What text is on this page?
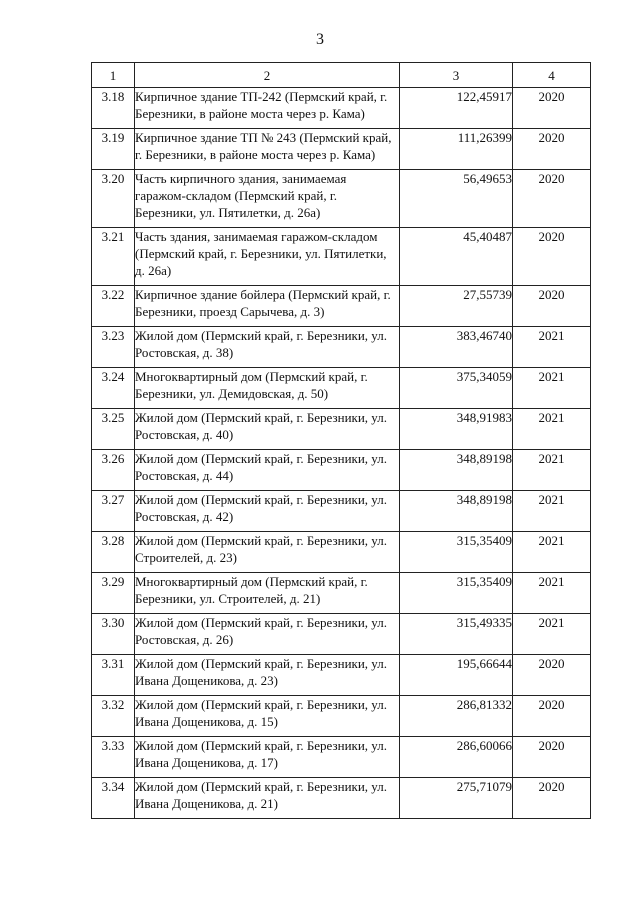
3
1	2	3	4
3.18	Кирпичное здание ТП-242 (Пермский край, г. Березники, в районе моста через р. Кама)	122,45917	2020
3.19	Кирпичное здание ТП № 243 (Пермский край, г. Березники, в районе моста через р. Кама)	111,26399	2020
3.20	Часть кирпичного здания, занимаемая гаражом-складом (Пермский край, г. Березники, ул. Пятилетки, д. 26а)	56,49653	2020
3.21	Часть здания, занимаемая гаражом-складом (Пермский край, г. Березники, ул. Пятилетки, д. 26а)	45,40487	2020
3.22	Кирпичное здание бойлера (Пермский край, г. Березники, проезд Сарычева, д. 3)	27,55739	2020
3.23	Жилой дом (Пермский край, г. Березники, ул. Ростовская, д. 38)	383,46740	2021
3.24	Многоквартирный дом (Пермский край, г. Березники, ул. Демидовская, д. 50)	375,34059	2021
3.25	Жилой дом (Пермский край, г. Березники, ул. Ростовская, д. 40)	348,91983	2021
3.26	Жилой дом (Пермский край, г. Березники, ул. Ростовская, д. 44)	348,89198	2021
3.27	Жилой дом (Пермский край, г. Березники, ул. Ростовская, д. 42)	348,89198	2021
3.28	Жилой дом (Пермский край, г. Березники, ул. Строителей, д. 23)	315,35409	2021
3.29	Многоквартирный дом (Пермский край, г. Березники, ул. Строителей, д. 21)	315,35409	2021
3.30	Жилой дом (Пермский край, г. Березники, ул. Ростовская, д. 26)	315,49335	2021
3.31	Жилой дом (Пермский край, г. Березники, ул. Ивана Дощеникова, д. 23)	195,66644	2020
3.32	Жилой дом (Пермский край, г. Березники, ул. Ивана Дощеникова, д. 15)	286,81332	2020
3.33	Жилой дом (Пермский край, г. Березники, ул. Ивана Дощеникова, д. 17)	286,60066	2020
3.34	Жилой дом (Пермский край, г. Березники, ул. Ивана Дощеникова, д. 21)	275,71079	2020
